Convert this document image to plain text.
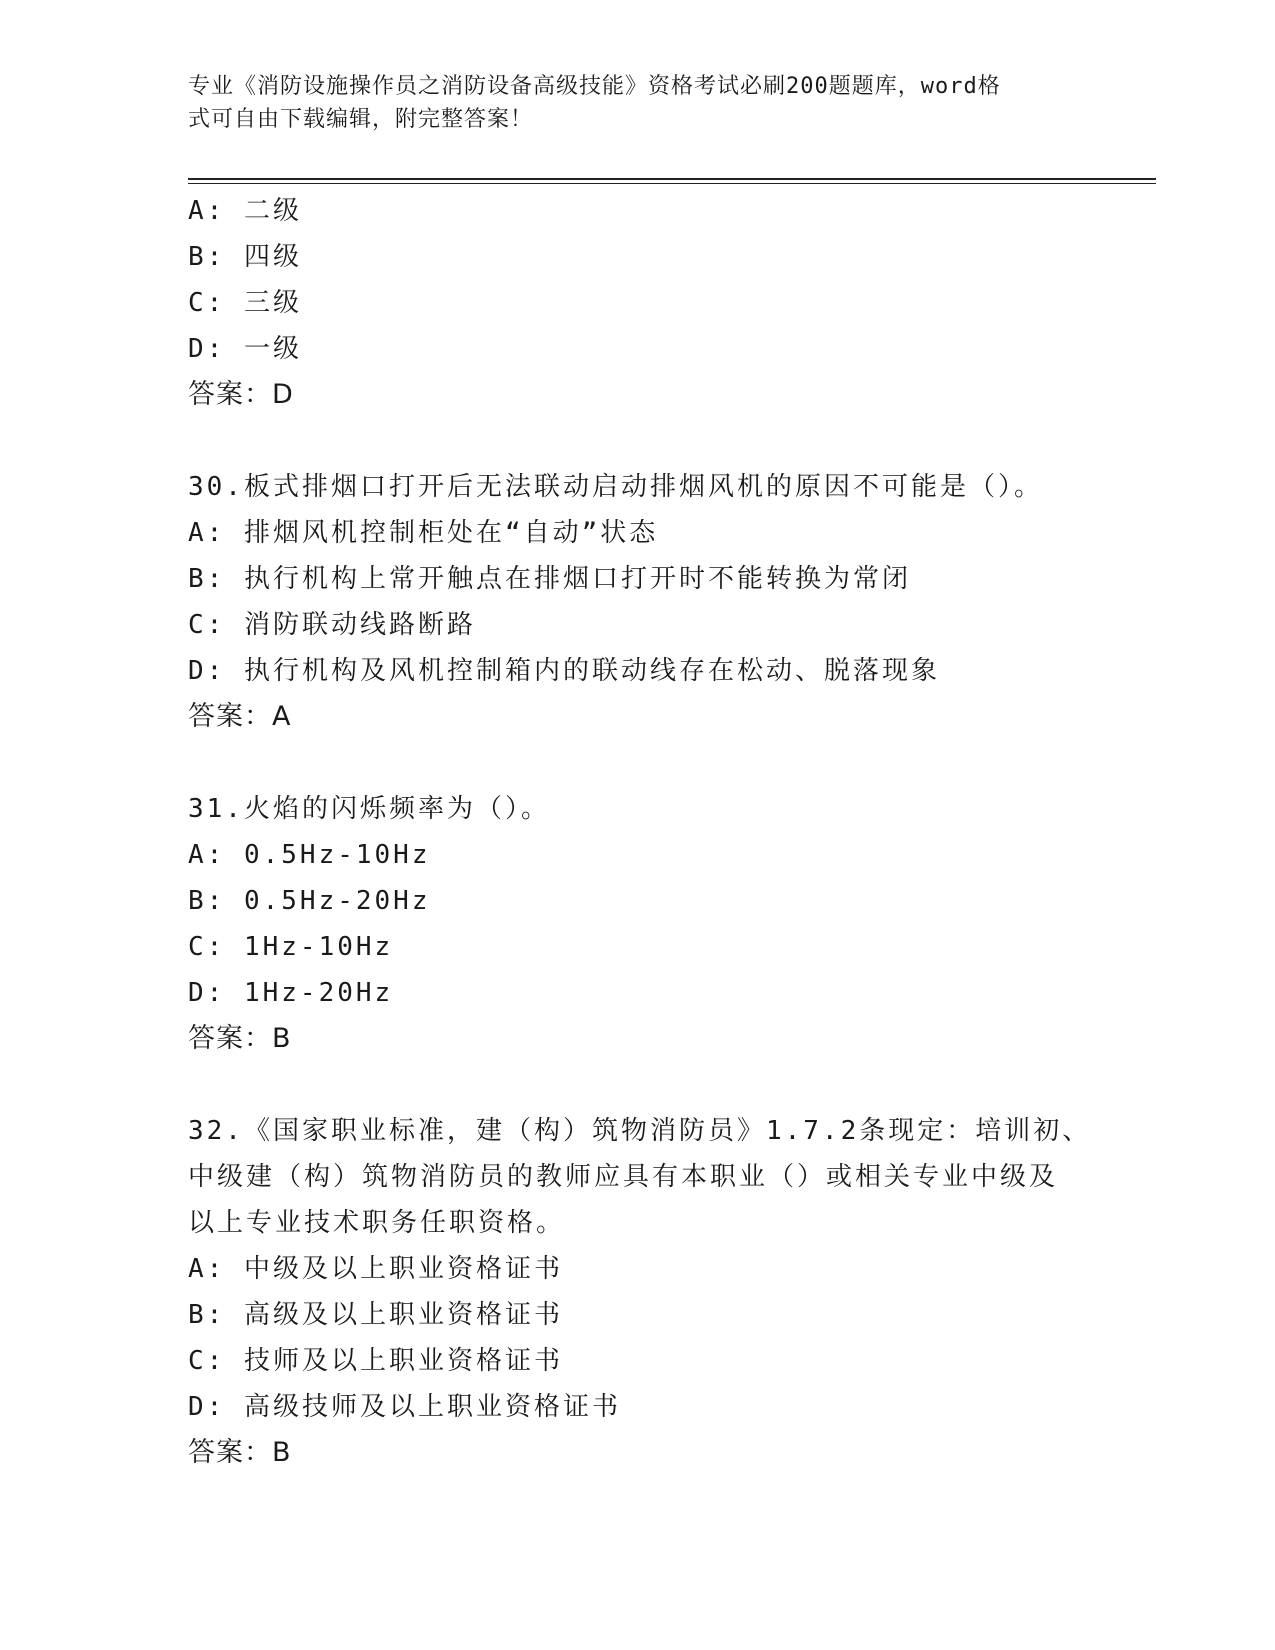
专业《消防设施操作员之消防设备高级技能》资格考试必刷200题题库，word格
式可自由下载编辑，附完整答案！
A: 二级
B: 四级
C: 三级
D: 一级
答案：D
30.板式排烟口打开后无法联动启动排烟风机的原因不可能是（）。
A: 排烟风机控制柜处在“自动”状态
B: 执行机构上常开触点在排烟口打开时不能转换为常闭
C: 消防联动线路断路
D: 执行机构及风机控制箱内的联动线存在松动、脱落现象
答案：A
31.火焰的闪烁频率为（）。
A: 0.5Hz-10Hz
B: 0.5Hz-20Hz
C: 1Hz-10Hz
D: 1Hz-20Hz
答案：B
32.《国家职业标准，建（构）筑物消防员》1.7.2条现定：培训初、
中级建（构）筑物消防员的教师应具有本职业（）或相关专业中级及
以上专业技术职务任职资格。
A: 中级及以上职业资格证书
B: 高级及以上职业资格证书
C: 技师及以上职业资格证书
D: 高级技师及以上职业资格证书
答案：B
